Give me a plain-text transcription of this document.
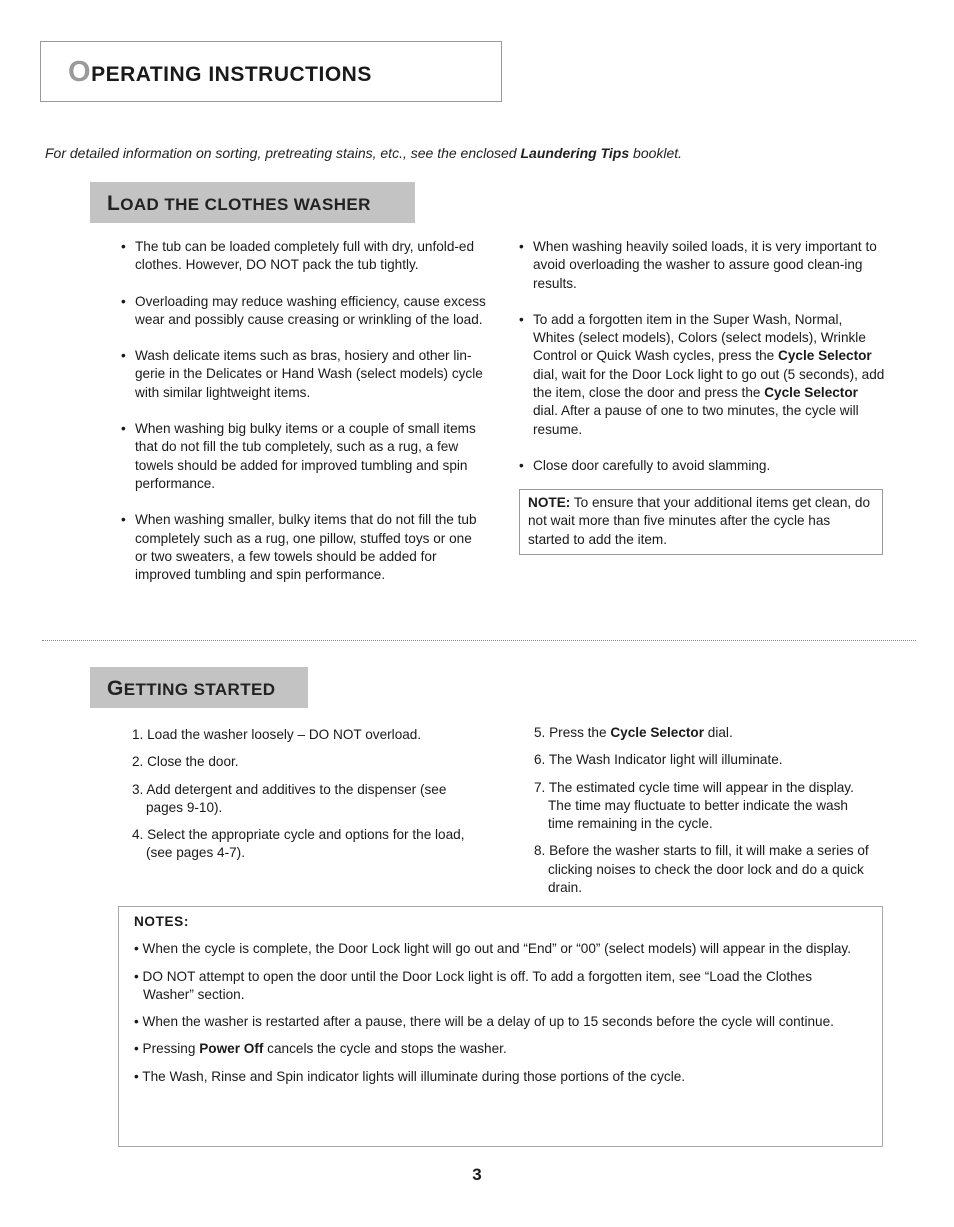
OPERATING INSTRUCTIONS
For detailed information on sorting, pretreating stains, etc., see the enclosed Laundering Tips booklet.
LOAD THE CLOTHES WASHER
• The tub can be loaded completely full with dry, unfold-ed clothes. However, DO NOT pack the tub tightly.
• Overloading may reduce washing efficiency, cause excess wear and possibly cause creasing or wrinkling of the load.
• Wash delicate items such as bras, hosiery and other lin-gerie in the Delicates or Hand Wash (select models) cycle with similar lightweight items.
• When washing big bulky items or a couple of small items that do not fill the tub completely, such as a rug, a few towels should be added for improved tumbling and spin performance.
• When washing smaller, bulky items that do not fill the tub completely such as a rug, one pillow, stuffed toys or one or two sweaters, a few towels should be added for improved tumbling and spin performance.
• When washing heavily soiled loads, it is very important to avoid overloading the washer to assure good clean-ing results.
• To add a forgotten item in the Super Wash, Normal, Whites (select models), Colors (select models), Wrinkle Control or Quick Wash cycles, press the Cycle Selector dial, wait for the Door Lock light to go out (5 seconds), add the item, close the door and press the Cycle Selector dial. After a pause of one to two minutes, the cycle will resume.
• Close door carefully to avoid slamming.
NOTE: To ensure that your additional items get clean, do not wait more than five minutes after the cycle has started to add the item.
GETTING STARTED
1. Load the washer loosely – DO NOT overload.
2. Close the door.
3. Add detergent and additives to the dispenser (see pages 9-10).
4. Select the appropriate cycle and options for the load, (see pages 4-7).
5. Press the Cycle Selector dial.
6. The Wash Indicator light will illuminate.
7. The estimated cycle time will appear in the display. The time may fluctuate to better indicate the wash time remaining in the cycle.
8. Before the washer starts to fill, it will make a series of clicking noises to check the door lock and do a quick drain.
NOTES:
• When the cycle is complete, the Door Lock light will go out and “End” or “00” (select models) will appear in the display.
• DO NOT attempt to open the door until the Door Lock light is off. To add a forgotten item, see “Load the Clothes Washer” section.
• When the washer is restarted after a pause, there will be a delay of up to 15 seconds before the cycle will continue.
• Pressing Power Off cancels the cycle and stops the washer.
• The Wash, Rinse and Spin indicator lights will illuminate during those portions of the cycle.
3
